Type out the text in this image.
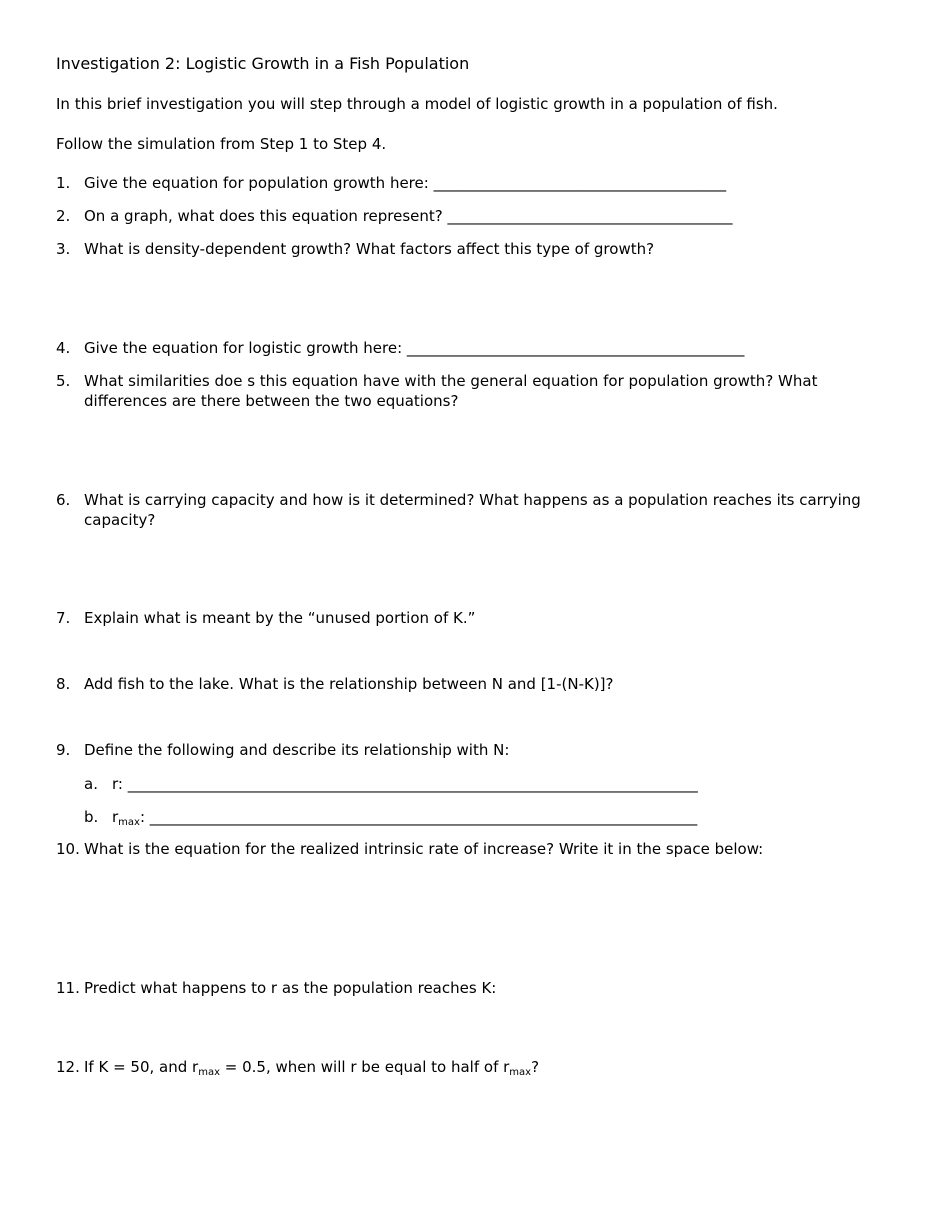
Investigation 2: Logistic Growth in a Fish Population
In this brief investigation you will step through a model of logistic growth in a population of fish.
Follow the simulation from Step 1 to Step 4.
1. Give the equation for population growth here: _______________________________________
2. On a graph, what does this equation represent? ______________________________________
3. What is density-dependent growth? What factors affect this type of growth?
4. Give the equation for logistic growth here: _____________________________________________
5. What similarities doe s this equation have with the general equation for population growth? What differences are there between the two equations?
6. What is carrying capacity and how is it determined? What happens as a population reaches its carrying capacity?
7. Explain what is meant by the “unused portion of K.”
8. Add fish to the lake. What is the relationship between N and [1-(N-K)]?
9. Define the following and describe its relationship with N:
a. r: ____________________________________________________________________________
b. $r_{max}$: _________________________________________________________________________
10. What is the equation for the realized intrinsic rate of increase? Write it in the space below:
11. Predict what happens to r as the population reaches K:
12. If K = 50, and $r_{max} = 0.5$, when will r be equal to half of $r_{max}$?
